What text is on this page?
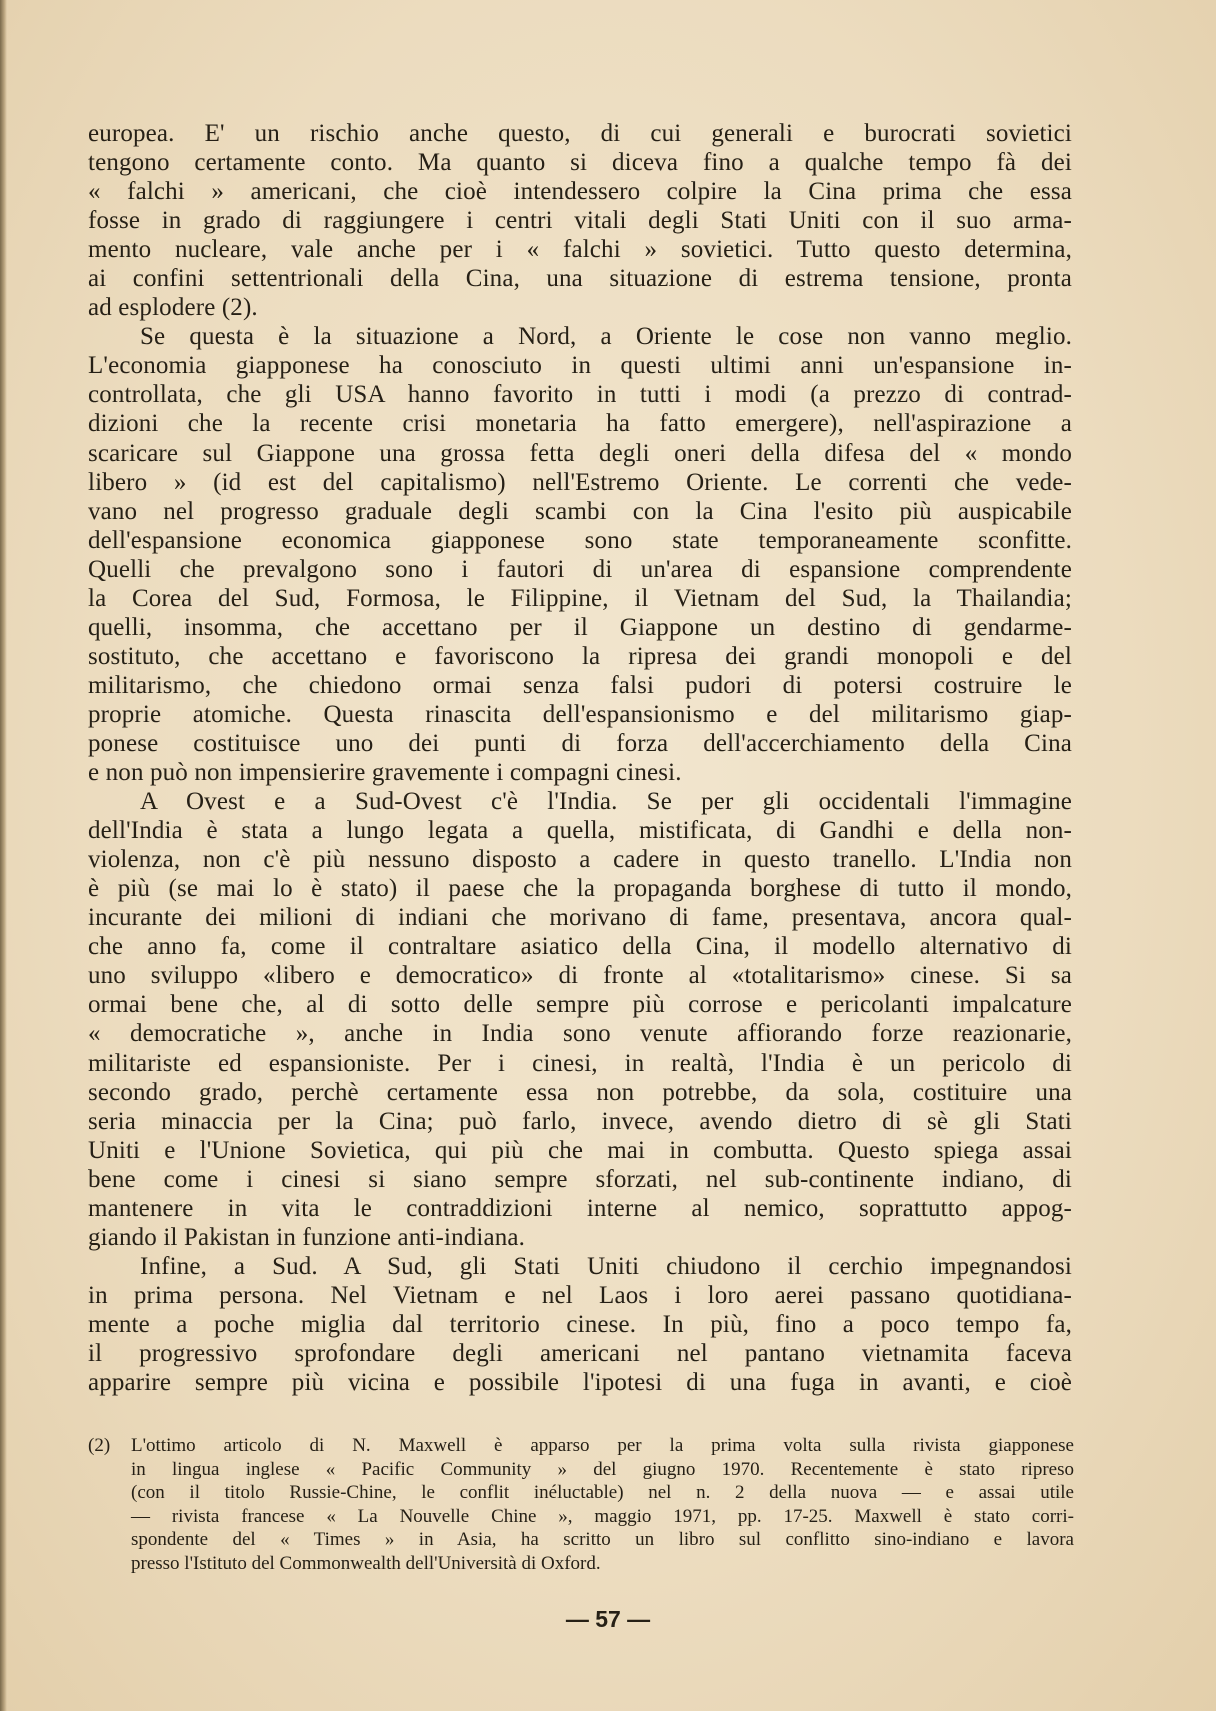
europea. E' un rischio anche questo, di cui generali e burocrati sovietici
tengono certamente conto. Ma quanto si diceva fino a qualche tempo fà dei
« falchi » americani, che cioè intendessero colpire la Cina prima che essa
fosse in grado di raggiungere i centri vitali degli Stati Uniti con il suo arma-
mento nucleare, vale anche per i « falchi » sovietici. Tutto questo determina,
ai confini settentrionali della Cina, una situazione di estrema tensione, pronta
ad esplodere (2).
Se questa è la situazione a Nord, a Oriente le cose non vanno meglio.
L'economia giapponese ha conosciuto in questi ultimi anni un'espansione in-
controllata, che gli USA hanno favorito in tutti i modi (a prezzo di contrad-
dizioni che la recente crisi monetaria ha fatto emergere), nell'aspirazione a
scaricare sul Giappone una grossa fetta degli oneri della difesa del « mondo
libero » (id est del capitalismo) nell'Estremo Oriente. Le correnti che vede-
vano nel progresso graduale degli scambi con la Cina l'esito più auspicabile
dell'espansione economica giapponese sono state temporaneamente sconfitte.
Quelli che prevalgono sono i fautori di un'area di espansione comprendente
la Corea del Sud, Formosa, le Filippine, il Vietnam del Sud, la Thailandia;
quelli, insomma, che accettano per il Giappone un destino di gendarme-
sostituto, che accettano e favoriscono la ripresa dei grandi monopoli e del
militarismo, che chiedono ormai senza falsi pudori di potersi costruire le
proprie atomiche. Questa rinascita dell'espansionismo e del militarismo giap-
ponese costituisce uno dei punti di forza dell'accerchiamento della Cina
e non può non impensierire gravemente i compagni cinesi.
A Ovest e a Sud-Ovest c'è l'India. Se per gli occidentali l'immagine
dell'India è stata a lungo legata a quella, mistificata, di Gandhi e della non-
violenza, non c'è più nessuno disposto a cadere in questo tranello. L'India non
è più (se mai lo è stato) il paese che la propaganda borghese di tutto il mondo,
incurante dei milioni di indiani che morivano di fame, presentava, ancora qual-
che anno fa, come il contraltare asiatico della Cina, il modello alternativo di
uno sviluppo «libero e democratico» di fronte al «totalitarismo» cinese. Si sa
ormai bene che, al di sotto delle sempre più corrose e pericolanti impalcature
« democratiche », anche in India sono venute affiorando forze reazionarie,
militariste ed espansioniste. Per i cinesi, in realtà, l'India è un pericolo di
secondo grado, perchè certamente essa non potrebbe, da sola, costituire una
seria minaccia per la Cina; può farlo, invece, avendo dietro di sè gli Stati
Uniti e l'Unione Sovietica, qui più che mai in combutta. Questo spiega assai
bene come i cinesi si siano sempre sforzati, nel sub-continente indiano, di
mantenere in vita le contraddizioni interne al nemico, soprattutto appog-
giando il Pakistan in funzione anti-indiana.
Infine, a Sud. A Sud, gli Stati Uniti chiudono il cerchio impegnandosi
in prima persona. Nel Vietnam e nel Laos i loro aerei passano quotidiana-
mente a poche miglia dal territorio cinese. In più, fino a poco tempo fa,
il progressivo sprofondare degli americani nel pantano vietnamita faceva
apparire sempre più vicina e possibile l'ipotesi di una fuga in avanti, e cioè
(2) L'ottimo articolo di N. Maxwell è apparso per la prima volta sulla rivista giapponese
in lingua inglese « Pacific Community » del giugno 1970. Recentemente è stato ripreso
(con il titolo Russie-Chine, le conflit inéluctable) nel n. 2 della nuova — e assai utile
— rivista francese « La Nouvelle Chine », maggio 1971, pp. 17-25. Maxwell è stato corri-
spondente del « Times » in Asia, ha scritto un libro sul conflitto sino-indiano e lavora
presso l'Istituto del Commonwealth dell'Università di Oxford.
— 57 —
